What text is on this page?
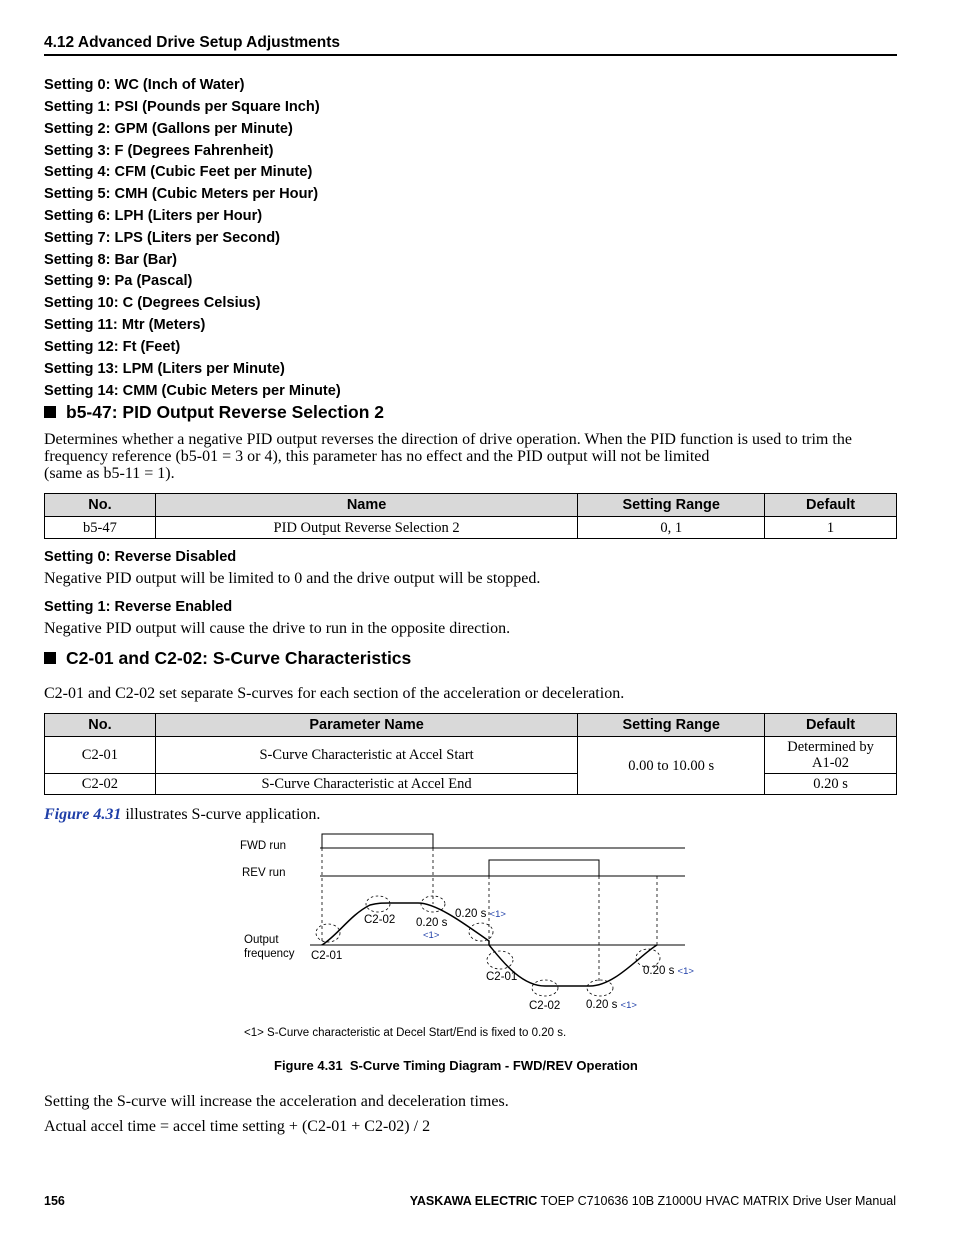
4.12 Advanced Drive Setup Adjustments
Setting 0: WC (Inch of Water)
Setting 1: PSI (Pounds per Square Inch)
Setting 2: GPM (Gallons per Minute)
Setting 3: F (Degrees Fahrenheit)
Setting 4: CFM (Cubic Feet per Minute)
Setting 5: CMH (Cubic Meters per Hour)
Setting 6: LPH (Liters per Hour)
Setting 7: LPS (Liters per Second)
Setting 8: Bar (Bar)
Setting 9: Pa (Pascal)
Setting 10: C (Degrees Celsius)
Setting 11: Mtr (Meters)
Setting 12: Ft (Feet)
Setting 13: LPM (Liters per Minute)
Setting 14: CMM (Cubic Meters per Minute)
b5-47: PID Output Reverse Selection 2
Determines whether a negative PID output reverses the direction of drive operation. When the PID function is used to trim the frequency reference (b5-01 = 3 or 4), this parameter has no effect and the PID output will not be limited
(same as b5-11 = 1).
No.	Name	Setting Range	Default
b5-47	PID Output Reverse Selection 2	0, 1	1
Setting 0: Reverse Disabled
Negative PID output will be limited to 0 and the drive output will be stopped.
Setting 1: Reverse Enabled
Negative PID output will cause the drive to run in the opposite direction.
C2-01 and C2-02: S-Curve Characteristics
C2-01 and C2-02 set separate S-curves for each section of the acceleration or deceleration.
No.	Parameter Name	Setting Range	Default
C2-01	S-Curve Characteristic at Accel Start	0.00 to 10.00 s	Determined by
A1-02
C2-02	S-Curve Characteristic at Accel End		0.20 s
Figure 4.31 illustrates S-curve application.
FWD run
REV run
Output
frequency C2-01
C2-02 0.20 s
<1>
0.20 s <1>
C2-01
C2-02 0.20 s <1>
0.20 s <1>
<1> S-Curve characteristic at Decel Start/End is fixed to 0.20 s.
Figure 4.31  S-Curve Timing Diagram - FWD/REV Operation
Setting the S-curve will increase the acceleration and deceleration times.
Actual accel time = accel time setting + (C2-01 + C2-02) / 2
156	YASKAWA ELECTRIC TOEP C710636 10B Z1000U HVAC MATRIX Drive User Manual
